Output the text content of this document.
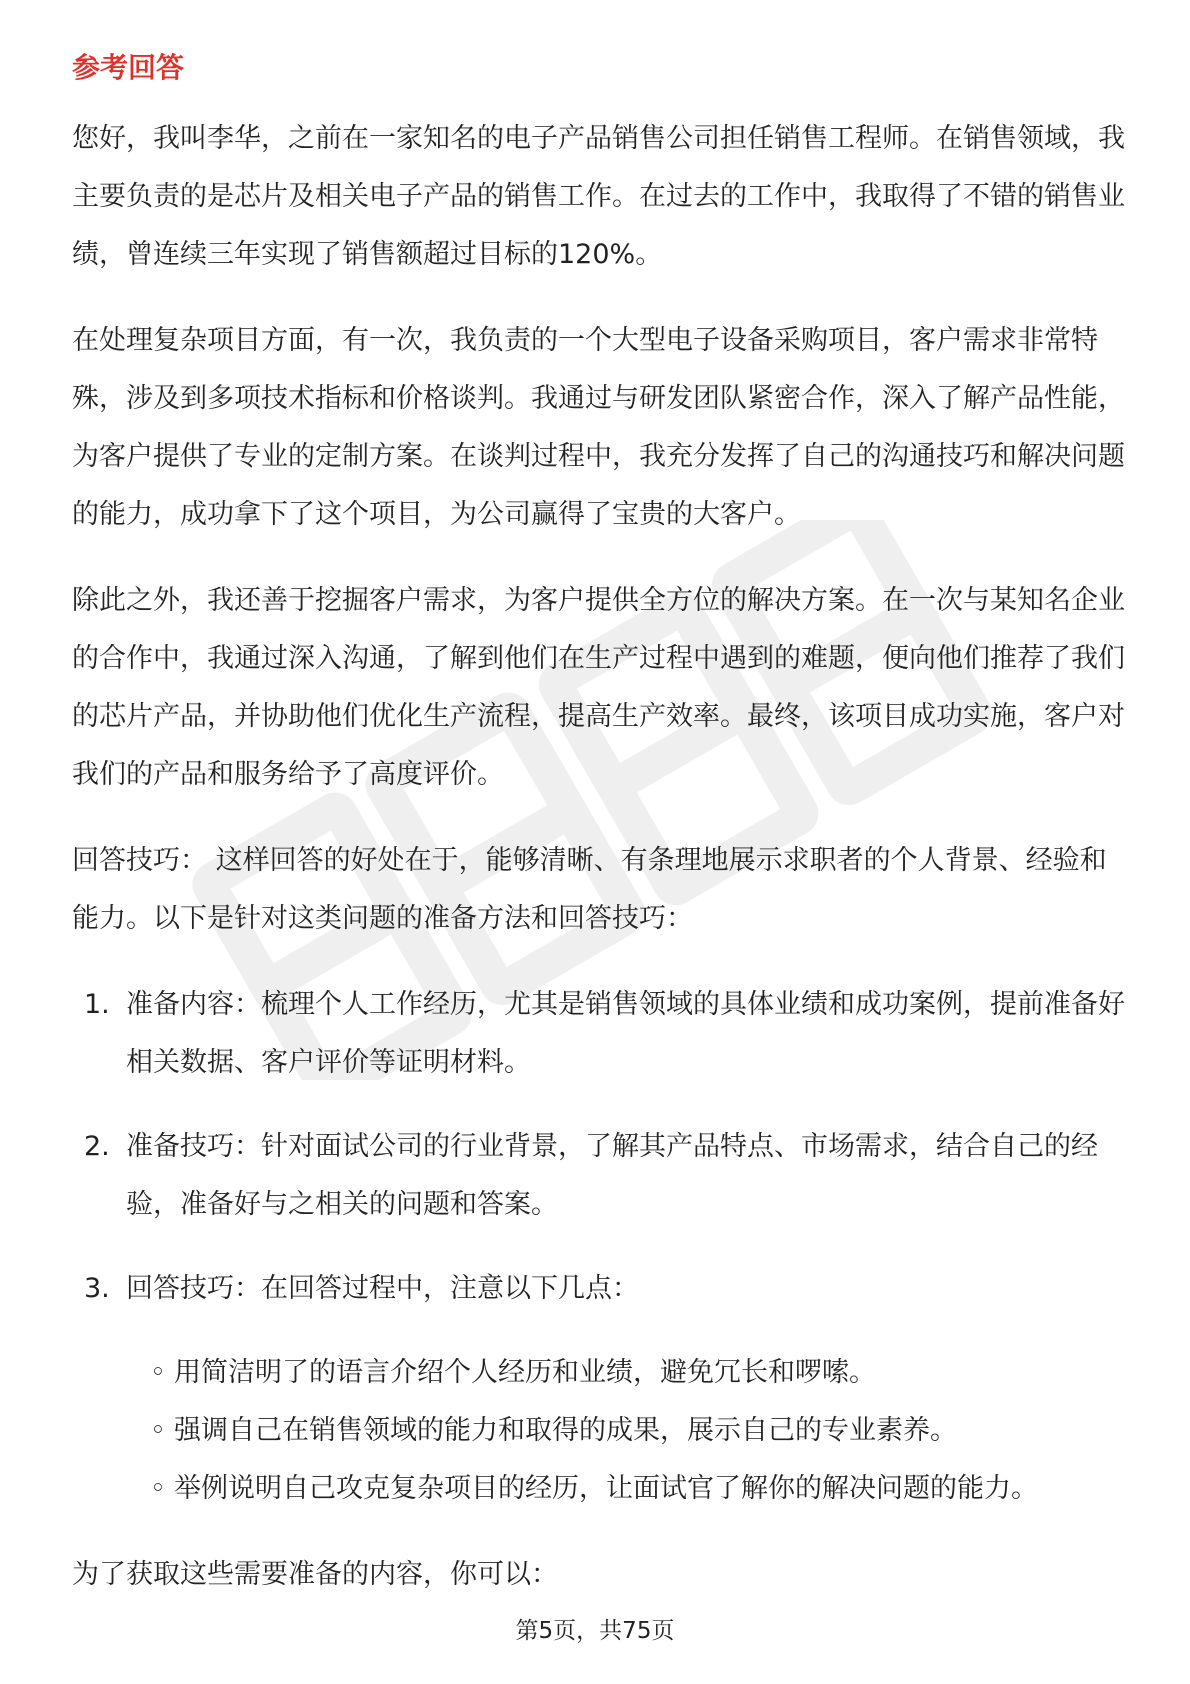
参考回答

您好，我叫李华，之前在一家知名的电子产品销售公司担任销售工程师。在销售领域，我主要负责的是芯片及相关电子产品的销售工作。在过去的工作中，我取得了不错的销售业绩，曾连续三年实现了销售额超过目标的120%。

在处理复杂项目方面，有一次，我负责的一个大型电子设备采购项目，客户需求非常特殊，涉及到多项技术指标和价格谈判。我通过与研发团队紧密合作，深入了解产品性能，为客户提供了专业的定制方案。在谈判过程中，我充分发挥了自己的沟通技巧和解决问题的能力，成功拿下了这个项目，为公司赢得了宝贵的大客户。

除此之外，我还善于挖掘客户需求，为客户提供全方位的解决方案。在一次与某知名企业的合作中，我通过深入沟通，了解到他们在生产过程中遇到的难题，便向他们推荐了我们的芯片产品，并协助他们优化生产流程，提高生产效率。最终，该项目成功实施，客户对我们的产品和服务给予了高度评价。

回答技巧： 这样回答的好处在于，能够清晰、有条理地展示求职者的个人背景、经验和能力。以下是针对这类问题的准备方法和回答技巧：

1. 准备内容：梳理个人工作经历，尤其是销售领域的具体业绩和成功案例，提前准备好相关数据、客户评价等证明材料。
2. 准备技巧：针对面试公司的行业背景，了解其产品特点、市场需求，结合自己的经验，准备好与之相关的问题和答案。
3. 回答技巧：在回答过程中，注意以下几点：
◦ 用简洁明了的语言介绍个人经历和业绩，避免冗长和啰嗦。
◦ 强调自己在销售领域的能力和取得的成果，展示自己的专业素养。
◦ 举例说明自己攻克复杂项目的经历，让面试官了解你的解决问题的能力。

为了获取这些需要准备的内容，你可以：

第5页，共75页
